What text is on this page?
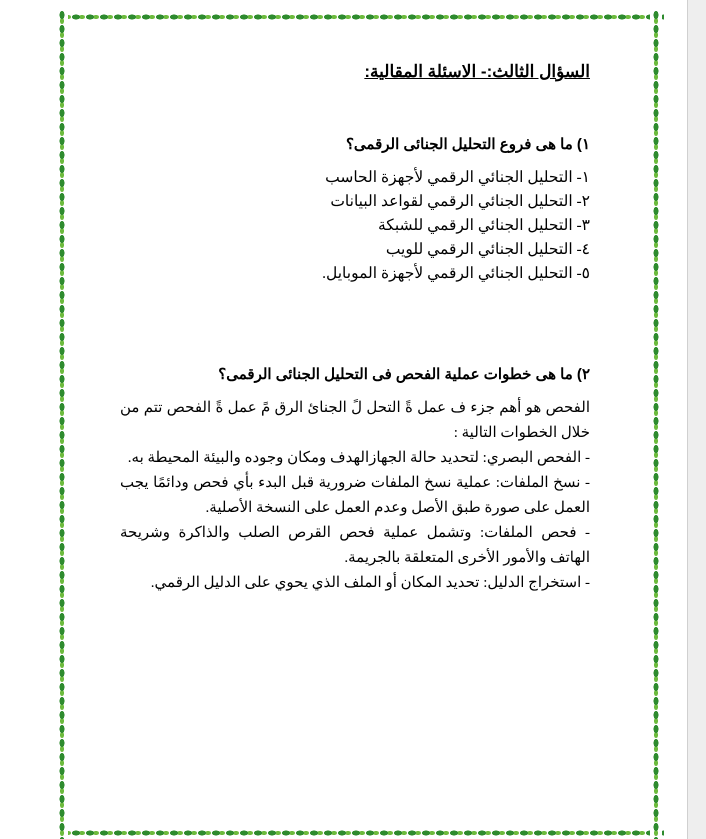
السؤال الثالث:- الاسئلة المقالية:

١) ما هى فروع التحليل الجنائى الرقمى؟

١- التحليل الجنائي الرقمي لأجهزة الحاسب
٢- التحليل الجنائي الرقمي لقواعد البيانات
٣- التحليل الجنائي الرقمي للشبكة
٤- التحليل الجنائي الرقمي للويب
٥- التحليل الجنائي الرقمي لأجهزة الموبايل.

٢) ما هى خطوات عملية الفحص فى التحليل الجنائى الرقمى؟

الفحص هو أهم جزء ف عمل ةً التحل لً الجنائ الرق مً عمل ةً الفحص تتم من خلال الخطوات التالية :

- الفحص البصري: لتحديد حالة الجهازالهدف ومكان وجوده والبيئة المحيطة به.

- نسخ الملفات: عملية نسخ الملفات ضرورية قبل البدء بأي فحص ودائمًا يجب العمل على صورة طبق الأصل وعدم العمل على النسخة الأصلية.

- فحص الملفات: وتشمل عملية فحص القرص الصلب والذاكرة وشريحة الهاتف والأمور الأخرى المتعلقة بالجريمة.

- استخراج الدليل: تحديد المكان أو الملف الذي يحوي على الدليل الرقمي.
